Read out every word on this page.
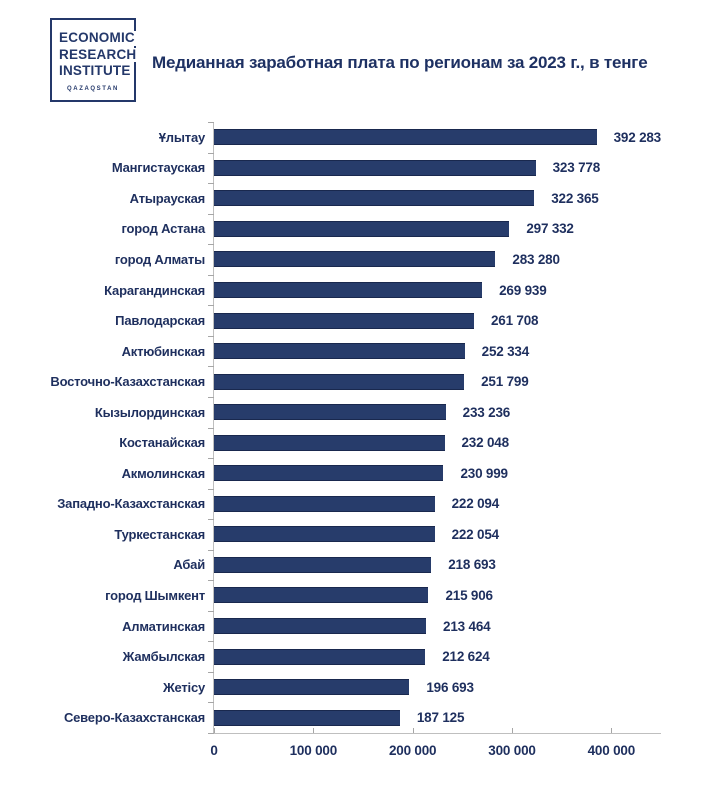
ECONOMIC
RESEARCH
INSTITUTE
QAZAQSTAN
Медианная заработная плата по регионам за 2023 г., в тенге
Ұлытау	392 283
Мангистауская	323 778
Атырауская	322 365
город Астана	297 332
город Алматы	283 280
Карагандинская	269 939
Павлодарская	261 708
Актюбинская	252 334
Восточно-Казахстанская	251 799
Кызылординская	233 236
Костанайская	232 048
Акмолинская	230 999
Западно-Казахстанская	222 094
Туркестанская	222 054
Абай	218 693
город Шымкент	215 906
Алматинская	213 464
Жамбылская	212 624
Жетісу	196 693
Северо-Казахстанская	187 125
0	100 000	200 000	300 000	400 000
